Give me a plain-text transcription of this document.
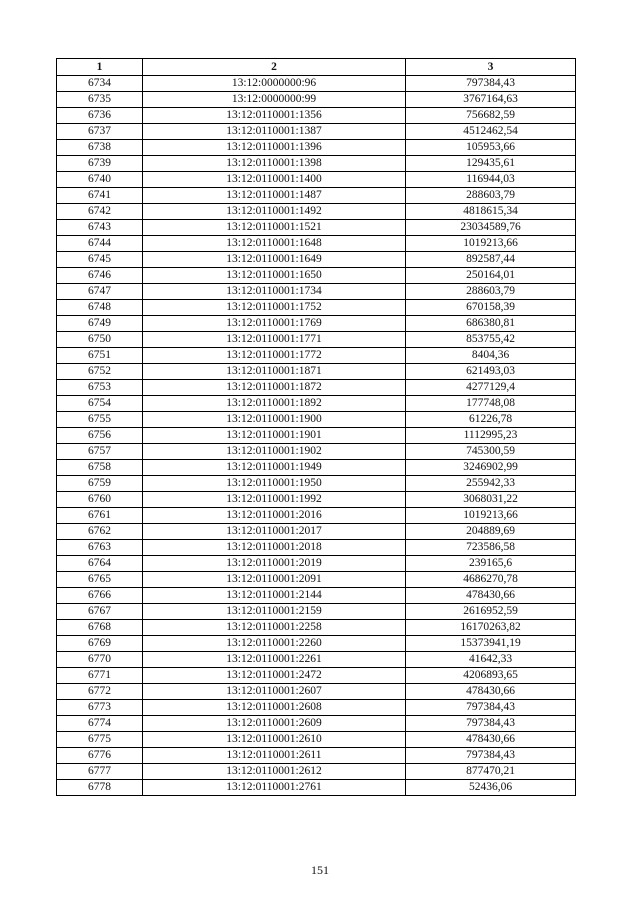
1	2	3
6734	13:12:0000000:96	797384,43
6735	13:12:0000000:99	3767164,63
6736	13:12:0110001:1356	756682,59
6737	13:12:0110001:1387	4512462,54
6738	13:12:0110001:1396	105953,66
6739	13:12:0110001:1398	129435,61
6740	13:12:0110001:1400	116944,03
6741	13:12:0110001:1487	288603,79
6742	13:12:0110001:1492	4818615,34
6743	13:12:0110001:1521	23034589,76
6744	13:12:0110001:1648	1019213,66
6745	13:12:0110001:1649	892587,44
6746	13:12:0110001:1650	250164,01
6747	13:12:0110001:1734	288603,79
6748	13:12:0110001:1752	670158,39
6749	13:12:0110001:1769	686380,81
6750	13:12:0110001:1771	853755,42
6751	13:12:0110001:1772	8404,36
6752	13:12:0110001:1871	621493,03
6753	13:12:0110001:1872	4277129,4
6754	13:12:0110001:1892	177748,08
6755	13:12:0110001:1900	61226,78
6756	13:12:0110001:1901	1112995,23
6757	13:12:0110001:1902	745300,59
6758	13:12:0110001:1949	3246902,99
6759	13:12:0110001:1950	255942,33
6760	13:12:0110001:1992	3068031,22
6761	13:12:0110001:2016	1019213,66
6762	13:12:0110001:2017	204889,69
6763	13:12:0110001:2018	723586,58
6764	13:12:0110001:2019	239165,6
6765	13:12:0110001:2091	4686270,78
6766	13:12:0110001:2144	478430,66
6767	13:12:0110001:2159	2616952,59
6768	13:12:0110001:2258	16170263,82
6769	13:12:0110001:2260	15373941,19
6770	13:12:0110001:2261	41642,33
6771	13:12:0110001:2472	4206893,65
6772	13:12:0110001:2607	478430,66
6773	13:12:0110001:2608	797384,43
6774	13:12:0110001:2609	797384,43
6775	13:12:0110001:2610	478430,66
6776	13:12:0110001:2611	797384,43
6777	13:12:0110001:2612	877470,21
6778	13:12:0110001:2761	52436,06
151
